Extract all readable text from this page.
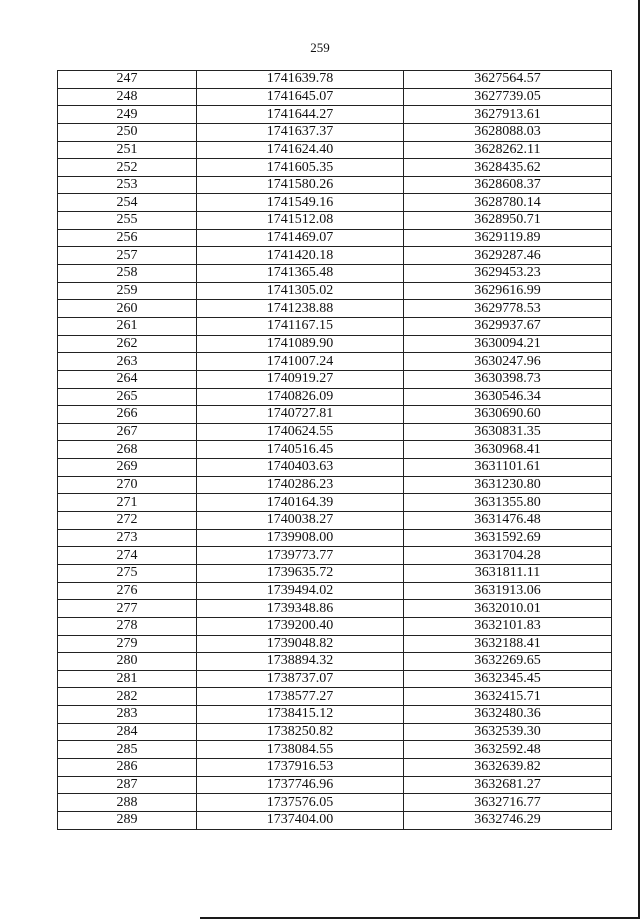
259
247	1741639.78	3627564.57
248	1741645.07	3627739.05
249	1741644.27	3627913.61
250	1741637.37	3628088.03
251	1741624.40	3628262.11
252	1741605.35	3628435.62
253	1741580.26	3628608.37
254	1741549.16	3628780.14
255	1741512.08	3628950.71
256	1741469.07	3629119.89
257	1741420.18	3629287.46
258	1741365.48	3629453.23
259	1741305.02	3629616.99
260	1741238.88	3629778.53
261	1741167.15	3629937.67
262	1741089.90	3630094.21
263	1741007.24	3630247.96
264	1740919.27	3630398.73
265	1740826.09	3630546.34
266	1740727.81	3630690.60
267	1740624.55	3630831.35
268	1740516.45	3630968.41
269	1740403.63	3631101.61
270	1740286.23	3631230.80
271	1740164.39	3631355.80
272	1740038.27	3631476.48
273	1739908.00	3631592.69
274	1739773.77	3631704.28
275	1739635.72	3631811.11
276	1739494.02	3631913.06
277	1739348.86	3632010.01
278	1739200.40	3632101.83
279	1739048.82	3632188.41
280	1738894.32	3632269.65
281	1738737.07	3632345.45
282	1738577.27	3632415.71
283	1738415.12	3632480.36
284	1738250.82	3632539.30
285	1738084.55	3632592.48
286	1737916.53	3632639.82
287	1737746.96	3632681.27
288	1737576.05	3632716.77
289	1737404.00	3632746.29
